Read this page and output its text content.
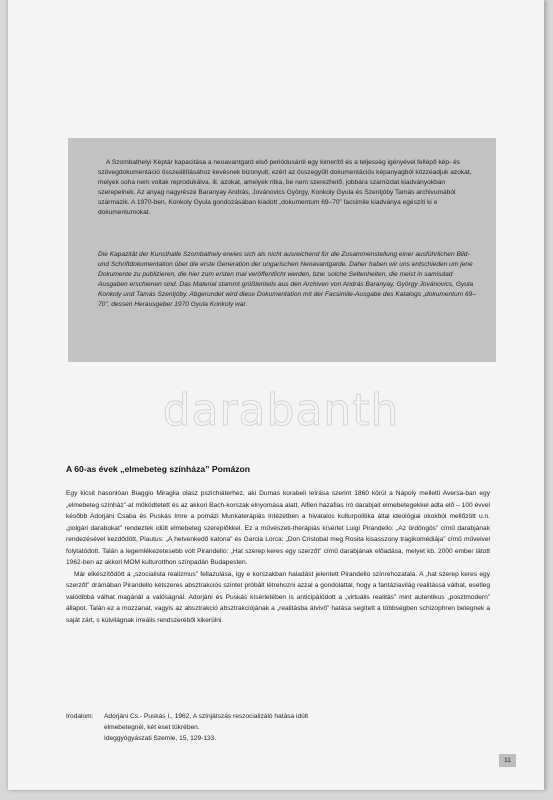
A Szombathelyi Képtár kapacitása a neoavantgard első periódusáról egy kimerítő és a teljesség igényével fellépő kép- és szövegdokumentáció összeállításához kevésnek bizonyult, ezért az összegyűlt dokumentációs képanyagból közzéadjuk azokat, melyek soha nem voltak reprodukálva, ill. azokat, amelyek ritka, be nem szerezhető, jobbára szamizdat kiadványokban szerepelnek. Az anyag nagyrésze Baranyay András, Jovánovics György, Konkoly Gyula és Szentjóby Tamás archivumából származik. A 1970-ben, Konkoly Gyula gondozásában kiadott „dokumentum 69–70” facsimile kiadványa egészíti ki e dokumentumokat.

Die Kapazität der Kunsthalle Szombathely erwies sich als nicht ausreichend für die Zusammenstellung einer ausführlichen Bild- und Schriftdokumentation über die erste Generation der ungarischen Neoavantgarde. Daher haben wir uns entschieden um jene Dokumente zu publizieren, die hier zum ersten mal veröffentlicht werden, bzw. solche Seltenheiten, die meist in samisdad Ausgaben erschienen sind. Das Material stammt größtenteils aus den Archiven von András Baranyay, György Jovánovics, Gyula Konkoly und Tamás Szentjóby. Abgerundet wird diese Dokumentation mit der Facsimile-Ausgabe des Katalogs „dokumentum 69–70”, dessen Herausgeber 1970 Gyula Konkoly war.

darabanth
A 60-as évek „elmebeteg színháza” Pomázon

Egy kicsit hasonlóan Biaggio Miraglia olasz pszichiáterhez, aki Dumas korabeli leírása szerint 1860 körül a Nápoly melletti Aversa-ban egy „elmebeteg színház”-at működtetett és az akkori Bach-korszak elnyomása alatt, Alfieri hazafias író darabjait elmebetegekkel adta elő – 100 évvel később Adorjáni Csaba és Puskás Imre a pomázi Munkaterápiás Intézetben a hivatalos kulturpolitika által ideológiai okokból mellőzött u.n. „polgári darabokat” rendeztek idült elmebeteg szereplőkkel. Ez a művészeti-therápiás kísérlet Luigi Pirandello: „Az ördöngös” című darabjának rendezésével kezdődött, Plautus: „A hetvenkedő katona” és Garcia Lorca: „Don Cristobal meg Rosita kisasszony tragikomédiája” című műveivel folytatódott. Talán a legemlékezetesebb volt Pirandello: „Hat szerep keres egy szerzőt” című darabjának előadása, melyet kb. 2000 ember látott 1962-ben az akkori MOM kulturotthon színpadán Budapesten.

Már elkészítődött a „szocialista realizmus” fellazulása, így e korszakban haladást jelentett Pirandello színrehozatala. A „hat szerep keres egy szerzőt” drámában Pirandello kétszeres absztrakciós szintet próbált létrehozni azzal a gondolattal, hogy a fantáziavilág realitássá válhat, esetleg valódibbá válhat magánál a valóságnál. Adorjáni és Puskás kísérletében is anticipálódott a „virtuális realitás” mint autentikus „posztmodern” állapot. Talán ez a mozzanat, vagyis az absztrakció absztrakciójának a „realitásba átvivő” hatása segített a többségben schizophren betegnek a saját zárt, s külvilágnak irreális rendszeréből kikerülni.

Irodalom: Adorjáni Cs.- Puskás I., 1962, A színjátszás reszocializáló hatása idült
elmebetegnél, két eset tükrében.
Ideggyógyászati Szemle, 15, 129-133.
11
